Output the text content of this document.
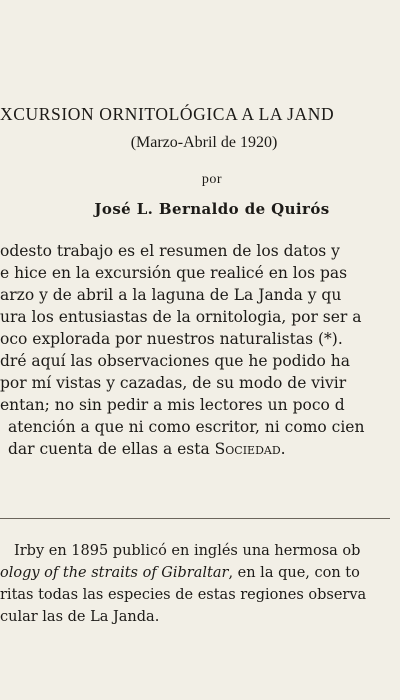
XCURSION ORNITOLÓGICA A LA JAND
(Marzo-Abril de 1920)
por
José L. Bernaldo de Quirós
odesto trabajo es el resumen de los datos y
e hice en la excursión que realicé en los pas
arzo y de abril a la laguna de La Janda y qu
ura los entusiastas de la ornitologia, por ser a
oco explorada por nuestros naturalistas (*).
dré aquí las observaciones que he podido ha
por mí vistas y cazadas, de su modo de vivir
entan; no sin pedir a mis lectores un poco d
atención a que ni como escritor, ni como cien
dar cuenta de ellas a esta Sociedad.
Irby en 1895 publicó en inglés una hermosa ob
ology of the straits of Gibraltar, en la que, con to
ritas todas las especies de estas regiones observa
cular las de La Janda.
